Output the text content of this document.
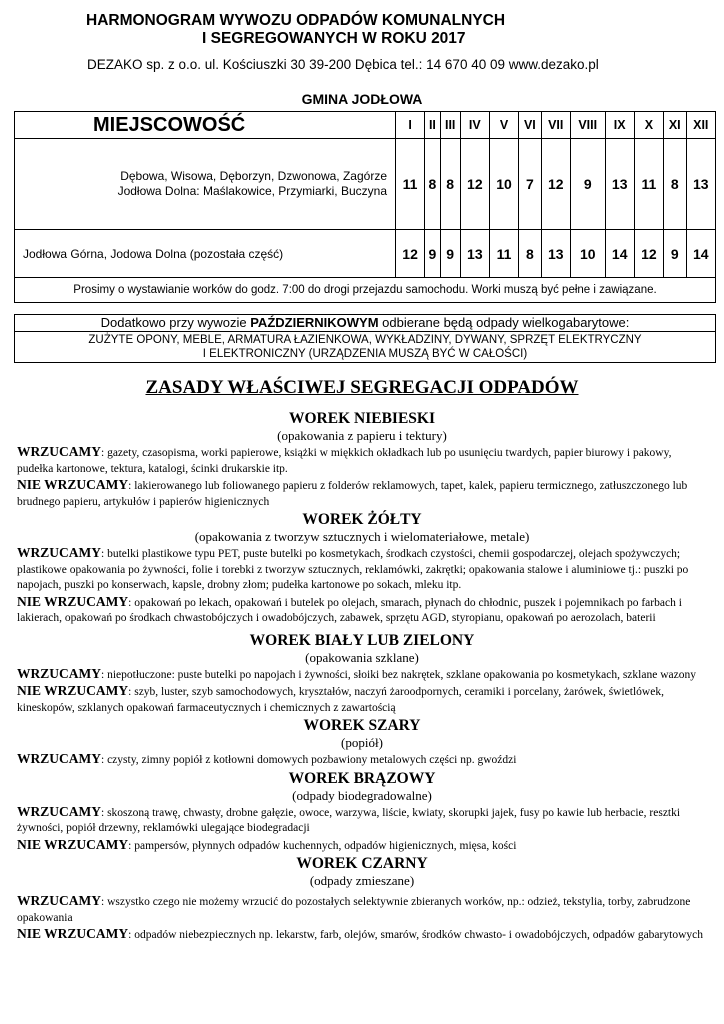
HARMONOGRAM WYWOZU ODPADÓW KOMUNALNYCH
I SEGREGOWANYCH W ROKU 2017
DEZAKO sp. z o.o. ul. Kościuszki 30 39-200 Dębica tel.: 14 670 40 09 www.dezako.pl
GMINA JODŁOWA
MIEJSCOWOŚĆ	I	II	III	IV	V	VI	VII	VIII	IX	X	XI	XII

Dębowa, Wisowa, Dęborzyn, Dzwonowa, Zagórze
Jodłowa Dolna: Maślakowice, Przymiarki, Buczyna	11	8	8	12	10	7	12	9	13	11	8	13
Jodłowa Górna, Jodowa Dolna (pozostała część)	12	9	9	13	11	8	13	10	14	12	9	14
Prosimy o wystawianie worków do godz. 7:00 do drogi przejazdu samochodu. Worki muszą być pełne i zawiązane.												
Dodatkowo przy wywozie PAŹDZIERNIKOWYM odbierane będą odpady wielkogabarytowe:
ZUŻYTE OPONY, MEBLE, ARMATURA ŁAZIENKOWA, WYKŁADZINY, DYWANY, SPRZĘT ELEKTRYCZNY
I ELEKTRONICZNY (URZĄDZENIA MUSZĄ BYĆ W CAŁOŚCI)
ZASADY WŁAŚCIWEJ SEGREGACJI ODPADÓW
WOREK NIEBIESKI
(opakowania z papieru i tektury)
WRZUCAMY: gazety, czasopisma, worki papierowe, książki w miękkich okładkach lub po usunięciu twardych, papier biurowy i pakowy, pudełka kartonowe, tektura, katalogi, ścinki drukarskie itp.
NIE WRZUCAMY: lakierowanego lub foliowanego papieru z folderów reklamowych, tapet, kalek, papieru termicznego, zatłuszczonego lub brudnego papieru, artykułów i papierów higienicznych
WOREK ŻÓŁTY
(opakowania z tworzyw sztucznych i wielomateriałowe, metale)
WRZUCAMY: butelki plastikowe typu PET, puste butelki po kosmetykach, środkach czystości, chemii gospodarczej, olejach spożywczych; plastikowe opakowania po żywności, folie i torebki z tworzyw sztucznych, reklamówki, zakrętki; opakowania stalowe i aluminiowe tj.: puszki po napojach, puszki po konserwach, kapsle, drobny złom; pudełka kartonowe po sokach, mleku itp.
NIE WRZUCAMY: opakowań po lekach, opakowań i butelek po olejach, smarach, płynach do chłodnic, puszek i pojemnikach po farbach i lakierach, opakowań po środkach chwastobójczych i owadobójczych, zabawek, sprzętu AGD, styropianu, opakowań po aerozolach, baterii
WOREK BIAŁY LUB ZIELONY
(opakowania szklane)
WRZUCAMY: niepotłuczone: puste butelki po napojach i żywności, słoiki bez nakrętek, szklane opakowania po kosmetykach, szklane wazony
NIE WRZUCAMY: szyb, luster, szyb samochodowych, kryształów, naczyń żaroodpornych, ceramiki i porcelany, żarówek, świetlówek, kineskopów, szklanych opakowań farmaceutycznych i chemicznych z zawartością
WOREK SZARY
(popiół)
WRZUCAMY: czysty, zimny popiół z kotłowni domowych pozbawiony metalowych części np. gwoździ
WOREK BRĄZOWY
(odpady biodegradowalne)
WRZUCAMY: skoszoną trawę, chwasty, drobne gałęzie, owoce, warzywa, liście, kwiaty, skorupki jajek, fusy po kawie lub herbacie, resztki żywności, popiół drzewny, reklamówki ulegające biodegradacji
NIE WRZUCAMY: pampersów, płynnych odpadów kuchennych, odpadów higienicznych, mięsa, kości
WOREK CZARNY
(odpady zmieszane)
WRZUCAMY: wszystko czego nie możemy wrzucić do pozostałych selektywnie zbieranych worków, np.: odzież, tekstylia, torby, zabrudzone opakowania
NIE WRZUCAMY: odpadów niebezpiecznych np. lekarstw, farb, olejów, smarów, środków chwasto- i owadobójczych, odpadów gabarytowych
